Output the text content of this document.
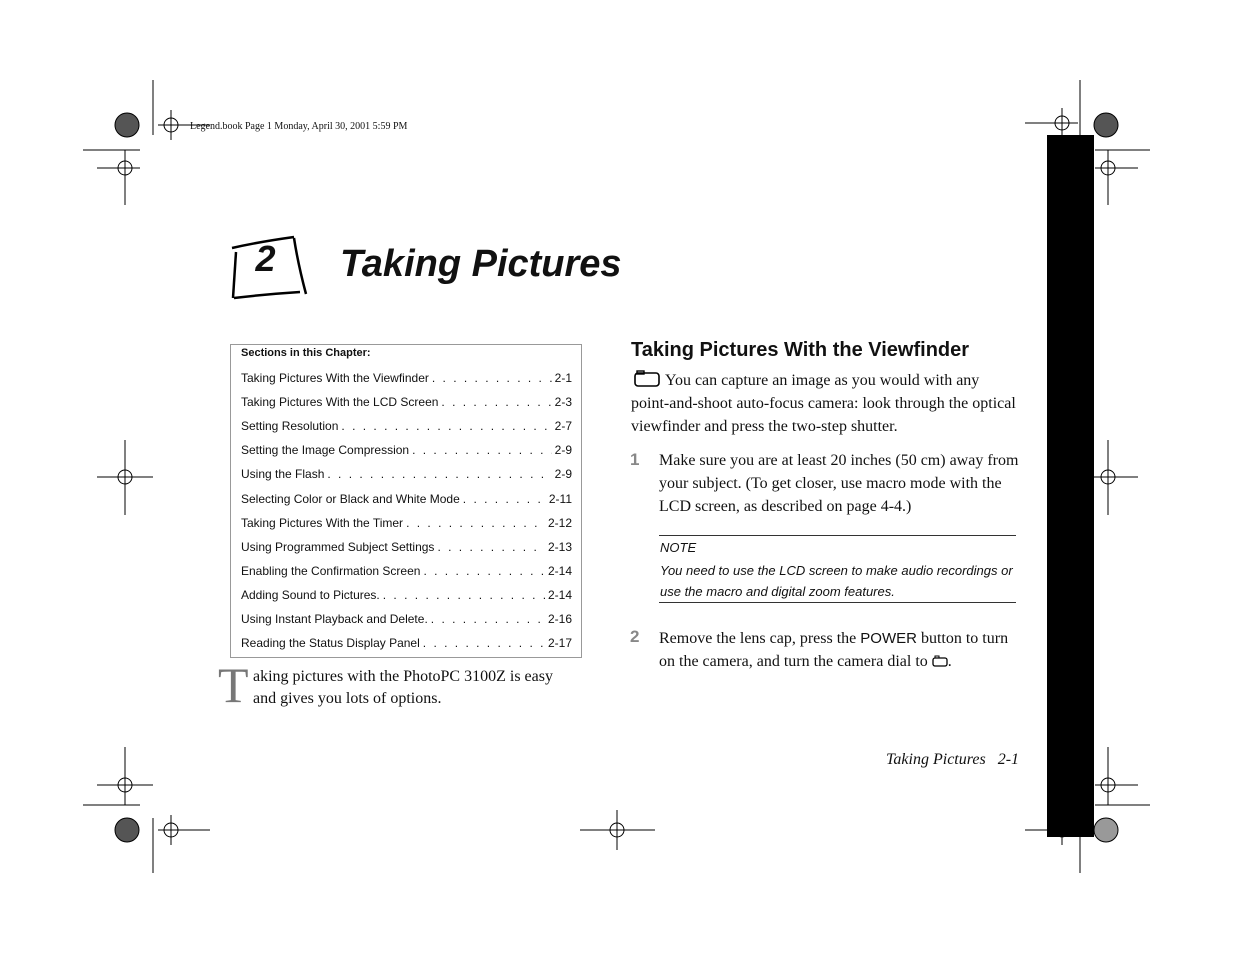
Legend.book Page 1 Monday, April 30, 2001 5:59 PM
2	Taking Pictures
Sections in this Chapter:
Taking Pictures With the Viewfinder . . .	2-1
Taking Pictures With the LCD Screen . . .	2-3
Setting Resolution . . .	2-7
Setting the Image Compression . . .	2-9
Using the Flash . . .	2-9
Selecting Color or Black and White Mode . . .	2-11
Taking Pictures With the Timer . . .	2-12
Using Programmed Subject Settings . . .	2-13
Enabling the Confirmation Screen . . .	2-14
Adding Sound to Pictures. . . .	2-14
Using Instant Playback and Delete. . . .	2-16
Reading the Status Display Panel . . .	2-17
T aking pictures with the PhotoPC 3100Z is easy and gives you lots of options.
Taking Pictures With the Viewfinder
You can capture an image as you would with any point-and-shoot auto-focus camera: look through the optical viewfinder and press the two-step shutter.
1 Make sure you are at least 20 inches (50 cm) away from your subject. (To get closer, use macro mode with the LCD screen, as described on page 4-4.)
NOTE
You need to use the LCD screen to make audio recordings or use the macro and digital zoom features.
2 Remove the lens cap, press the POWER button to turn on the camera, and turn the camera dial to .
Taking Pictures 2-1
